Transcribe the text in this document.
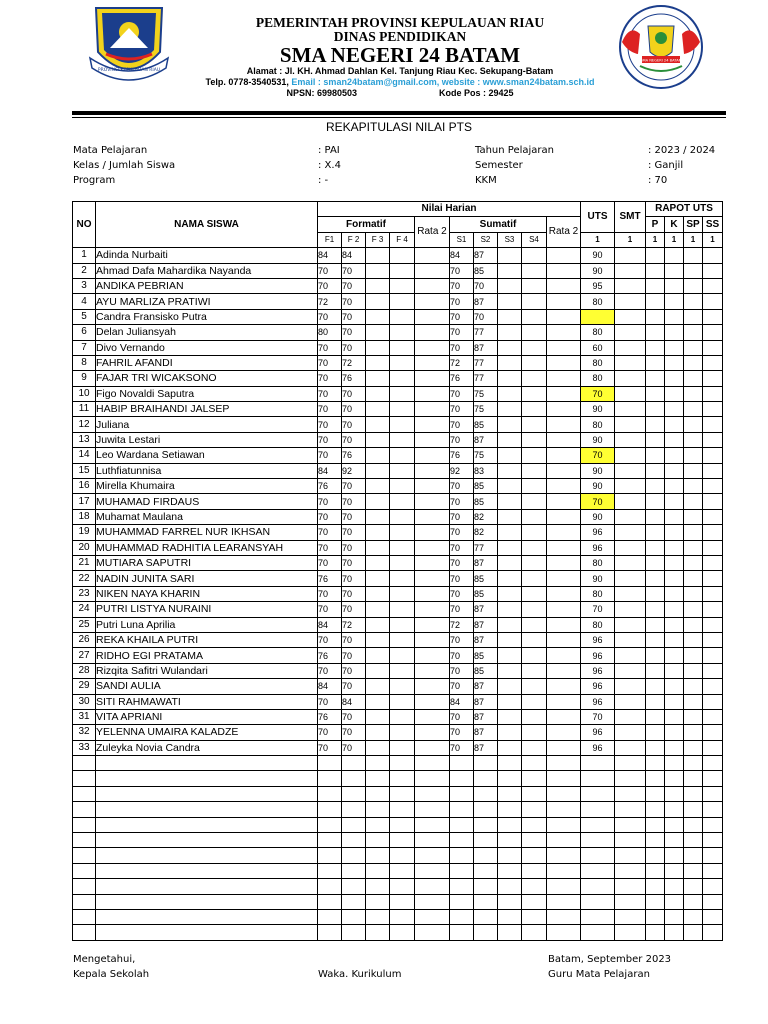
PROVINSI KEPULAUAN RIAU
SMA NEGERI 24 BATAM
PEMERINTAH PROVINSI KEPULAUAN RIAU
DINAS PENDIDIKAN
SMA NEGERI 24 BATAM
Alamat : Jl. KH. Ahmad Dahlan Kel. Tanjung Riau Kec. Sekupang-Batam
Telp. 0778-3540531, Email : sman24batam@gmail.com, website : www.sman24batam.sch.id
NPSN: 69980503	Kode Pos : 29425
REKAPITULASI NILAI PTS
Mata Pelajaran	: PAI
Kelas / Jumlah Siswa	: X.4
Program	: -
Tahun Pelajaran	: 2023 / 2024
Semester	: Ganjil
KKM	: 70
NO	NAMA SISWA	Nilai Harian										UTS	SMT	RAPOT UTS			
		Formatif				Rata 2	Sumatif				Rata 2			P	K	SP	SS
		F1	F 2	F 3	F 4		S1	S2	S3	S4		1	1	1	1	1	1
1	Adinda Nurbaiti	84	84				84	87				90					
2	Ahmad Dafa Mahardika Nayanda	70	70				70	85				90					
3	ANDIKA PEBRIAN	70	70				70	70				95					
4	AYU MARLIZA PRATIWI	72	70				70	87				80					
5	Candra Fransisko Putra	70	70				70	70									
6	Delan Juliansyah	80	70				70	77				80					
7	Divo Vernando	70	70				70	87				60					
8	FAHRIL AFANDI	70	72				72	77				80					
9	FAJAR TRI WICAKSONO	70	76				76	77				80					
10	Figo Novaldi Saputra	70	70				70	75				70					
11	HABIP BRAIHANDI JALSEP	70	70				70	75				90					
12	Juliana	70	70				70	85				80					
13	Juwita Lestari	70	70				70	87				90					
14	Leo Wardana Setiawan	70	76				76	75				70					
15	Luthfiatunnisa	84	92				92	83				90					
16	Mirella Khumaira	76	70				70	85				90					
17	MUHAMAD FIRDAUS	70	70				70	85				70					
18	Muhamat Maulana	70	70				70	82				90					
19	MUHAMMAD FARREL NUR IKHSAN	70	70				70	82				96					
20	MUHAMMAD RADHITIA LEARANSYAH	70	70				70	77				96					
21	MUTIARA SAPUTRI	70	70				70	87				80					
22	NADIN JUNITA SARI	76	70				70	85				90					
23	NIKEN NAYA KHARIN	70	70				70	85				80					
24	PUTRI LISTYA NURAINI	70	70				70	87				70					
25	Putri Luna Aprilia	84	72				72	87				80					
26	REKA KHAILA PUTRI	70	70				70	87				96					
27	RIDHO EGI PRATAMA	76	70				70	85				96					
28	Rizqita Safitri Wulandari	70	70				70	85				96					
29	SANDI AULIA	84	70				70	87				96					
30	SITI RAHMAWATI	70	84				84	87				96					
31	VITA APRIANI	76	70				70	87				70					
32	YELENNA UMAIRA KALADZE	70	70				70	87				96					
33	Zuleyka Novia Candra	70	70				70	87				96					

Mengetahui,
Kepala Sekolah	Waka. Kurikulum
Batam, September 2023
Guru Mata Pelajaran
